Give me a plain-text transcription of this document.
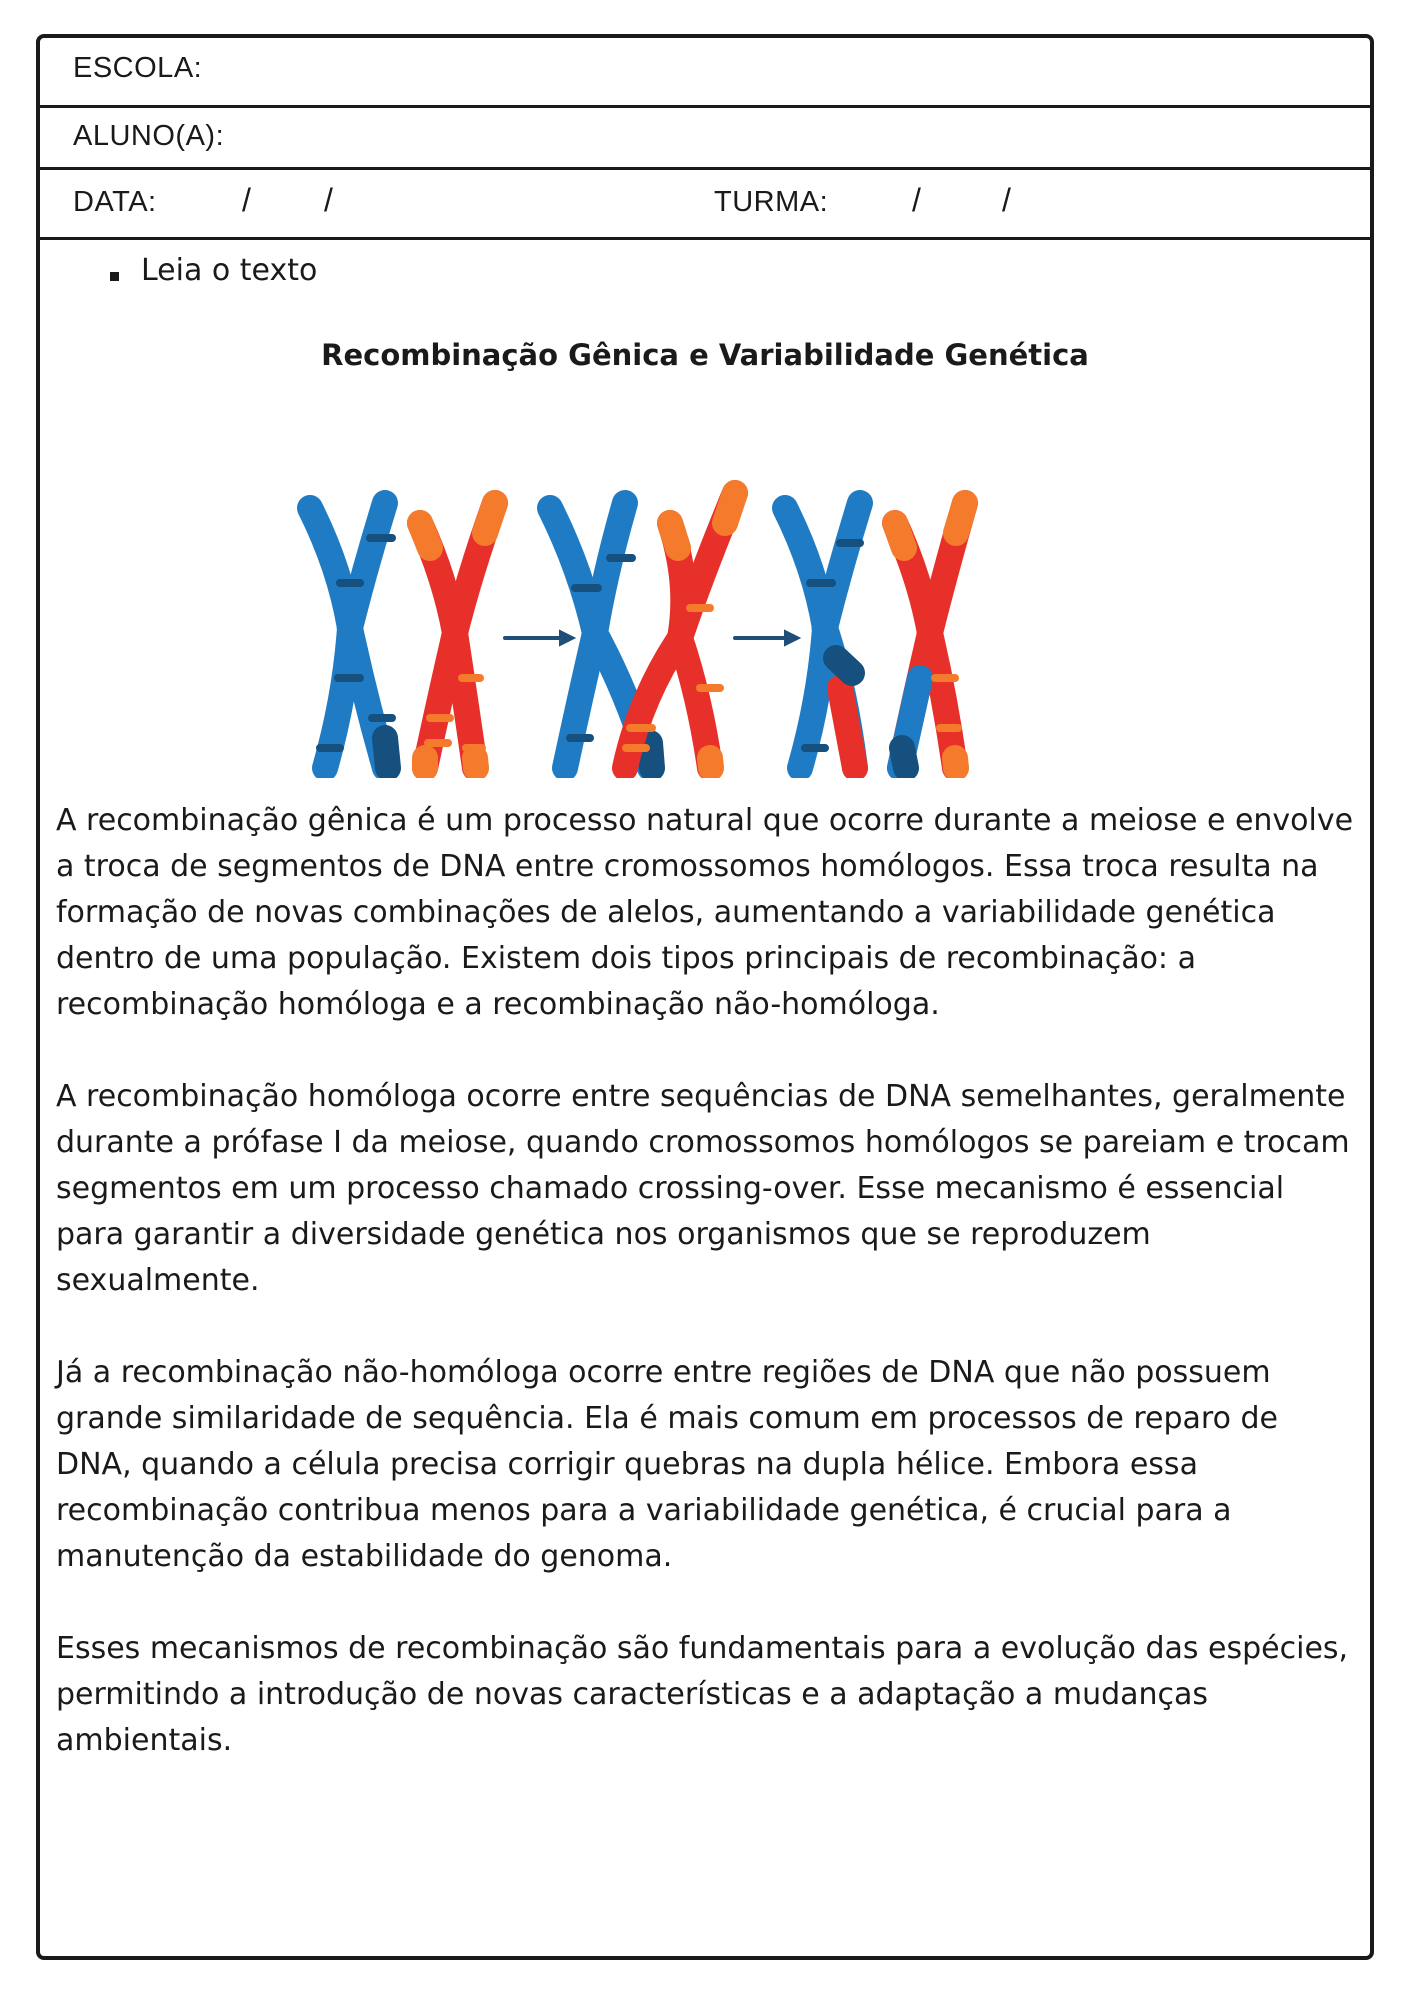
ESCOLA:
ALUNO(A):
DATA:	/ /	TURMA:	/	/
Leia o texto
Recombinação Gênica e Variabilidade Genética

A recombinação gênica é um processo natural que ocorre durante a meiose e envolve a troca de segmentos de DNA entre cromossomos homólogos. Essa troca resulta na formação de novas combinações de alelos, aumentando a variabilidade genética dentro de uma população. Existem dois tipos principais de recombinação: a recombinação homóloga e a recombinação não-homóloga.

A recombinação homóloga ocorre entre sequências de DNA semelhantes, geralmente durante a prófase I da meiose, quando cromossomos homólogos se pareiam e trocam segmentos em um processo chamado crossing-over. Esse mecanismo é essencial para garantir a diversidade genética nos organismos que se reproduzem sexualmente.

Já a recombinação não-homóloga ocorre entre regiões de DNA que não possuem grande similaridade de sequência. Ela é mais comum em processos de reparo de DNA, quando a célula precisa corrigir quebras na dupla hélice. Embora essa recombinação contribua menos para a variabilidade genética, é crucial para a manutenção da estabilidade do genoma.

Esses mecanismos de recombinação são fundamentais para a evolução das espécies, permitindo a introdução de novas características e a adaptação a mudanças ambientais.
